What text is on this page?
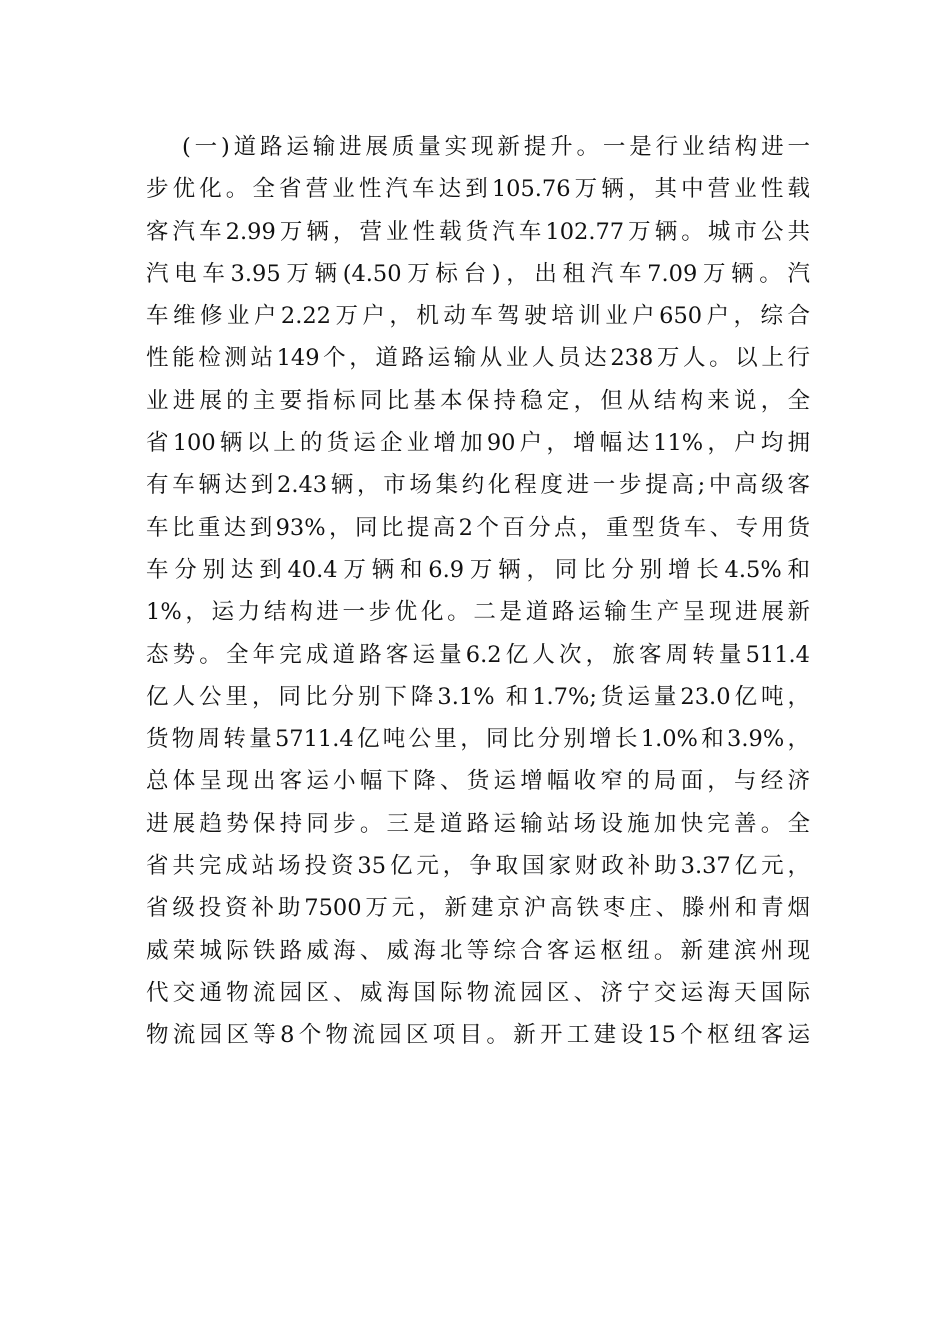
(一)道路运输进展质量实现新提升。一是行业结构进一
步优化。全省营业性汽车达到105.76万辆，其中营业性载
客汽车2.99万辆，营业性载货汽车102.77万辆。城市公共
汽电车3.95万辆(4.50万标台)，出租汽车7.09万辆。汽
车维修业户2.22万户，机动车驾驶培训业户650户，综合
性能检测站149个，道路运输从业人员达238万人。以上行
业进展的主要指标同比基本保持稳定，但从结构来说，全
省100辆以上的货运企业增加90户，增幅达11%，户均拥
有车辆达到2.43辆，市场集约化程度进一步提高;中高级客
车比重达到93%，同比提高2个百分点，重型货车、专用货
车分别达到40.4万辆和6.9万辆，同比分别增长4.5%和
1%，运力结构进一步优化。二是道路运输生产呈现进展新
态势。全年完成道路客运量6.2亿人次，旅客周转量511.4
亿人公里，同比分别下降3.1% 和1.7%;货运量23.0亿吨，
货物周转量5711.4亿吨公里，同比分别增长1.0%和3.9%，
总体呈现出客运小幅下降、货运增幅收窄的局面，与经济
进展趋势保持同步。三是道路运输站场设施加快完善。全
省共完成站场投资35亿元，争取国家财政补助3.37亿元，
省级投资补助7500万元，新建京沪高铁枣庄、滕州和青烟
威荣城际铁路威海、威海北等综合客运枢纽。新建滨州现
代交通物流园区、威海国际物流园区、济宁交运海天国际
物流园区等8个物流园区项目。新开工建设15个枢纽客运
